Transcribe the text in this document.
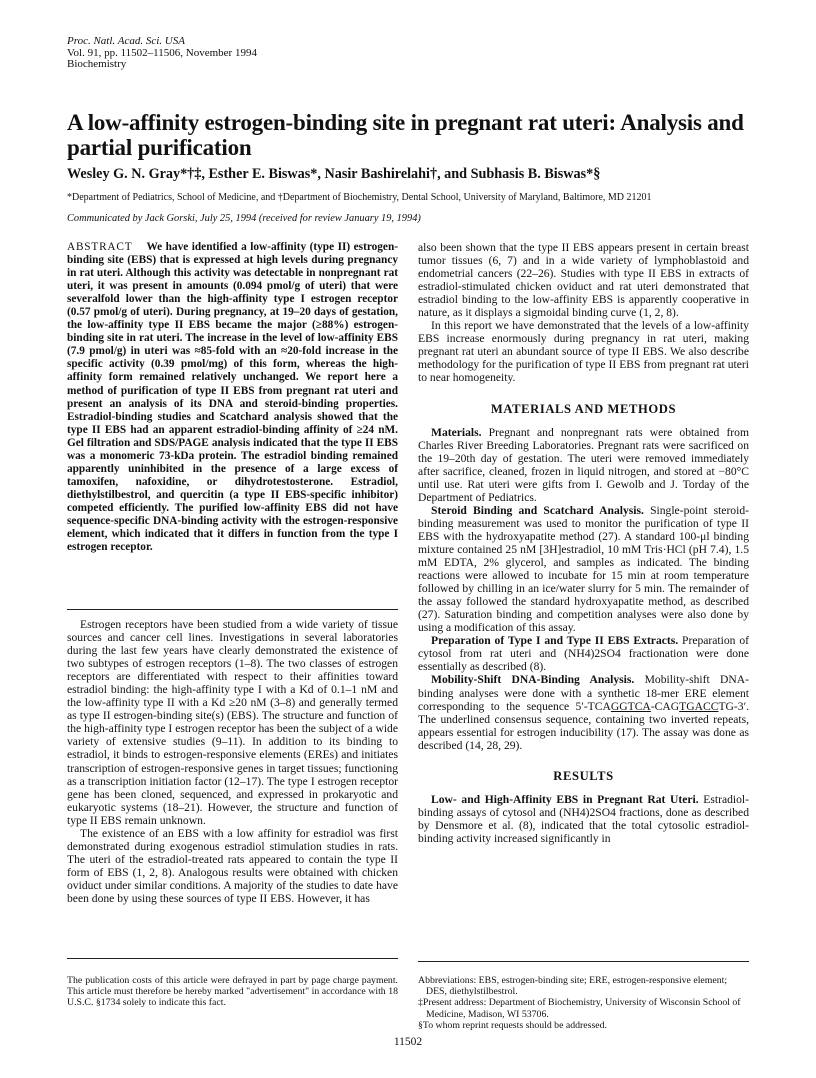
Proc. Natl. Acad. Sci. USA
Vol. 91, pp. 11502–11506, November 1994
Biochemistry
A low-affinity estrogen-binding site in pregnant rat uteri: Analysis and partial purification
Wesley G. N. Gray*†‡, Esther E. Biswas*, Nasir Bashirelahi†, and Subhasis B. Biswas*§
*Department of Pediatrics, School of Medicine, and †Department of Biochemistry, Dental School, University of Maryland, Baltimore, MD 21201
Communicated by Jack Gorski, July 25, 1994 (received for review January 19, 1994)

ABSTRACT We have identified a low-affinity (type II) estrogen-binding site (EBS) that is expressed at high levels during pregnancy in rat uteri. Although this activity was detectable in nonpregnant rat uteri, it was present in amounts (0.094 pmol/g of uteri) that were severalfold lower than the high-affinity type I estrogen receptor (0.57 pmol/g of uteri). During pregnancy, at 19–20 days of gestation, the low-affinity type II EBS became the major (≥88%) estrogen-binding site in rat uteri. The increase in the level of low-affinity EBS (7.9 pmol/g) in uteri was ≈85-fold with an ≈20-fold increase in the specific activity (0.39 pmol/mg) of this form, whereas the high-affinity form remained relatively unchanged. We report here a method of purification of type II EBS from pregnant rat uteri and present an analysis of its DNA and steroid-binding properties. Estradiol-binding studies and Scatchard analysis showed that the type II EBS had an apparent estradiol-binding affinity of ≥24 nM. Gel filtration and SDS/PAGE analysis indicated that the type II EBS was a monomeric 73-kDa protein. The estradiol binding remained apparently uninhibited in the presence of a large excess of tamoxifen, nafoxidine, or dihydrotestosterone. Estradiol, diethylstilbestrol, and quercitin (a type II EBS-specific inhibitor) competed efficiently. The purified low-affinity EBS did not have sequence-specific DNA-binding activity with the estrogen-responsive element, which indicated that it differs in function from the type I estrogen receptor.

Estrogen receptors have been studied from a wide variety of tissue sources and cancer cell lines. Investigations in several laboratories during the last few years have clearly demonstrated the existence of two subtypes of estrogen receptors (1–8). The two classes of estrogen receptors are differentiated with respect to their affinities toward estradiol binding: the high-affinity type I with a Kd of 0.1–1 nM and the low-affinity type II with a Kd ≥20 nM (3–8) and generally termed as type II estrogen-binding site(s) (EBS). The structure and function of the high-affinity type I estrogen receptor has been the subject of a wide variety of extensive studies (9–11). In addition to its binding to estradiol, it binds to estrogen-responsive elements (EREs) and initiates transcription of estrogen-responsive genes in target tissues; functioning as a transcription initiation factor (12–17). The type I estrogen receptor gene has been cloned, sequenced, and expressed in prokaryotic and eukaryotic systems (18–21). However, the structure and function of type II EBS remain unknown.

The existence of an EBS with a low affinity for estradiol was first demonstrated during exogenous estradiol stimulation studies in rats. The uteri of the estradiol-treated rats appeared to contain the type II form of EBS (1, 2, 8). Analogous results were obtained with chicken oviduct under similar conditions. A majority of the studies to date have been done by using these sources of type II EBS. However, it has

also been shown that the type II EBS appears present in certain breast tumor tissues (6, 7) and in a wide variety of lymphoblastoid and endometrial cancers (22–26). Studies with type II EBS in extracts of estradiol-stimulated chicken oviduct and rat uteri demonstrated that estradiol binding to the low-affinity EBS is apparently cooperative in nature, as it displays a sigmoidal binding curve (1, 2, 8).

In this report we have demonstrated that the levels of a low-affinity EBS increase enormously during pregnancy in rat uteri, making pregnant rat uteri an abundant source of type II EBS. We also describe methodology for the purification of type II EBS from pregnant rat uteri to near homogeneity.

MATERIALS AND METHODS

Materials. Pregnant and nonpregnant rats were obtained from Charles River Breeding Laboratories. Pregnant rats were sacrificed on the 19–20th day of gestation. The uteri were removed immediately after sacrifice, cleaned, frozen in liquid nitrogen, and stored at −80°C until use. Rat uteri were gifts from I. Gewolb and J. Torday of the Department of Pediatrics.

Steroid Binding and Scatchard Analysis. Single-point steroid-binding measurement was used to monitor the purification of type II EBS with the hydroxyapatite method (27). A standard 100-μl binding mixture contained 25 nM [3H]estradiol, 10 mM Tris·HCl (pH 7.4), 1.5 mM EDTA, 2% glycerol, and samples as indicated. The binding reactions were allowed to incubate for 15 min at room temperature followed by chilling in an ice/water slurry for 5 min. The remainder of the assay followed the standard hydroxyapatite method, as described (27). Saturation binding and competition analyses were also done by using a modification of this assay.

Preparation of Type I and Type II EBS Extracts. Preparation of cytosol from rat uteri and (NH4)2SO4 fractionation were done essentially as described (8).

Mobility-Shift DNA-Binding Analysis. Mobility-shift DNA-binding analyses were done with a synthetic 18-mer ERE element corresponding to the sequence 5′-TCAGGTCA-CAGTGACCTG-3′. The underlined consensus sequence, containing two inverted repeats, appears essential for estrogen inducibility (17). The assay was done as described (14, 28, 29).

RESULTS

Low- and High-Affinity EBS in Pregnant Rat Uteri. Estradiol-binding assays of cytosol and (NH4)2SO4 fractions, done as described by Densmore et al. (8), indicated that the total cytosolic estradiol-binding activity increased significantly in

The publication costs of this article were defrayed in part by page charge payment. This article must therefore be hereby marked "advertisement" in accordance with 18 U.S.C. §1734 solely to indicate this fact.

Abbreviations: EBS, estrogen-binding site; ERE, estrogen-responsive element; DES, diethylstilbestrol.

‡Present address: Department of Biochemistry, University of Wisconsin School of Medicine, Madison, WI 53706.

§To whom reprint requests should be addressed.

11502
